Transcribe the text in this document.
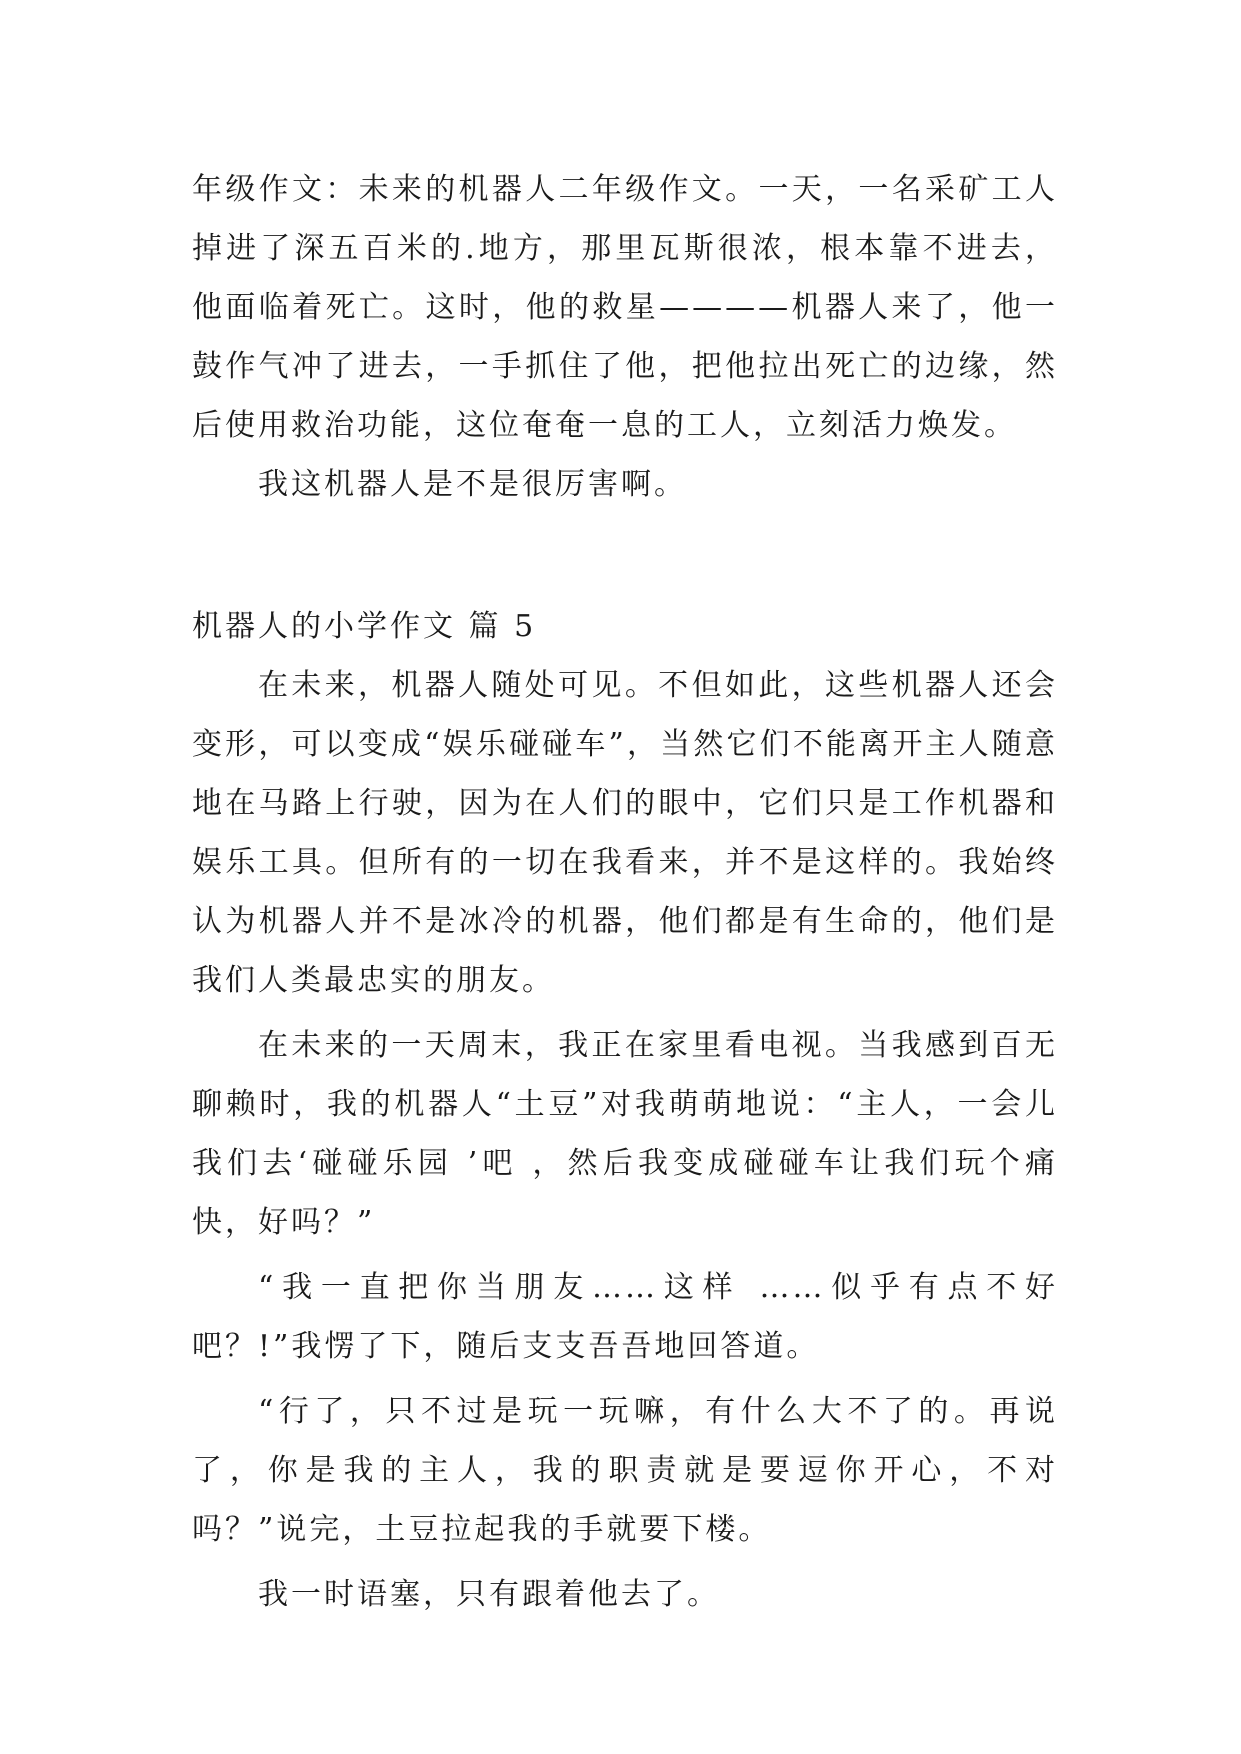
年级作文：未来的机器人二年级作文。一天，一名采矿工人掉进了深五百米的.地方，那里瓦斯很浓，根本靠不进去，他面临着死亡。这时，他的救星————机器人来了，他一鼓作气冲了进去，一手抓住了他，把他拉出死亡的边缘，然后使用救治功能，这位奄奄一息的工人，立刻活力焕发。

我这机器人是不是很厉害啊。

机器人的小学作文 篇 5

在未来，机器人随处可见。不但如此，这些机器人还会变形，可以变成“娱乐碰碰车”，当然它们不能离开主人随意地在马路上行驶，因为在人们的眼中，它们只是工作机器和娱乐工具。但所有的一切在我看来，并不是这样的。我始终认为机器人并不是冰冷的机器，他们都是有生命的，他们是我们人类最忠实的朋友。

在未来的一天周末，我正在家里看电视。当我感到百无聊赖时，我的机器人“土豆”对我萌萌地说：“主人，一会儿我们去‘碰碰乐园 ’吧 ，然后我变成碰碰车让我们玩个痛快，好吗？”

“我一直把你当朋友……这样 ……似乎有点不好吧？!”我愣了下，随后支支吾吾地回答道。

“行了，只不过是玩一玩嘛，有什么大不了的。再说了，你是我的主人，我的职责就是要逗你开心，不对吗？”说完，土豆拉起我的手就要下楼。

我一时语塞，只有跟着他去了。
